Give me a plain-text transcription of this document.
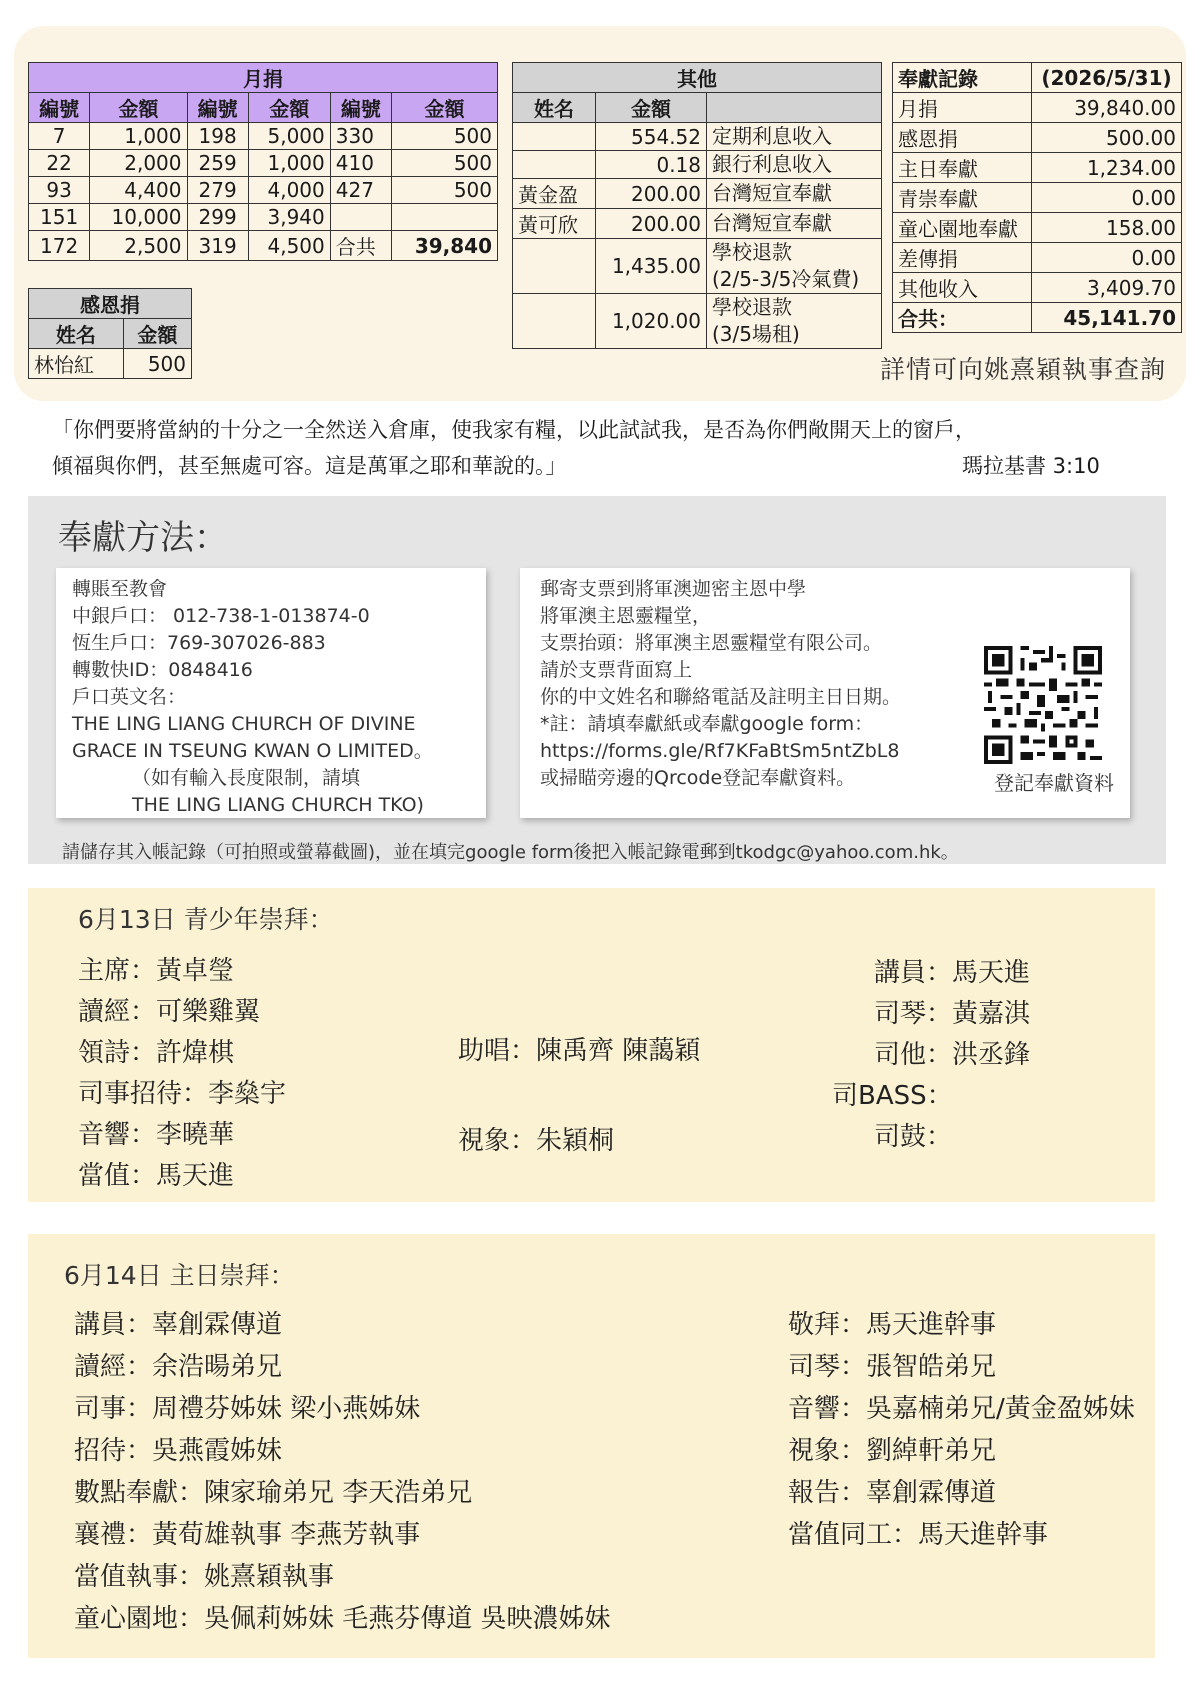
月捐					
編號	金額	編號	金額	編號	金額
7	1,000	198	5,000	330	500
22	2,000	259	1,000	410	500
93	4,400	279	4,000	427	500
151	10,000	299	3,940		
172	2,500	319	4,500	合共	39,840
感恩捐	
姓名	金額
林怡紅	500
其他		
姓名	金額	
	554.52	定期利息收入
	0.18	銀行利息收入
黃金盈	200.00	台灣短宣奉獻
黃可欣	200.00	台灣短宣奉獻
	1,435.00	學校退款
(2/5-3/5冷氣費)

	1,020.00	學校退款
(3/5場租)
奉獻記錄	(2026/5/31)
月捐	39,840.00
感恩捐	500.00
主日奉獻	1,234.00
青崇奉獻	0.00
童心園地奉獻	158.00
差傳捐	0.00
其他收入	3,409.70
合共：	45,141.70
詳情可向姚熹穎執事查詢
「你們要將當納的十分之一全然送入倉庫，使我家有糧，以此試試我，是否為你們敞開天上的窗戶，
傾福與你們，甚至無處可容。這是萬軍之耶和華說的。」	瑪拉基書 3:10
奉獻方法：
轉賬至教會
中銀戶口： 012-738-1-013874-0
恆生戶口：769-307026-883
轉數快ID：0848416
戶口英文名：
THE LING LIANG CHURCH OF DIVINE
GRACE IN TSEUNG KWAN O LIMITED。
（如有輸入長度限制，請填
THE LING LIANG CHURCH TKO)
郵寄支票到將軍澳迦密主恩中學
將軍澳主恩靈糧堂，
支票抬頭：將軍澳主恩靈糧堂有限公司。
請於支票背面寫上
你的中文姓名和聯絡電話及註明主日日期。
*註：請填奉獻紙或奉獻google form：
https://forms.gle/Rf7KFaBtSm5ntZbL8
或掃瞄旁邊的Qrcode登記奉獻資料。	登記奉獻資料
請儲存其入帳記錄（可拍照或螢幕截圖)，並在填完google form後把入帳記錄電郵到tkodgc@yahoo.com.hk。
6月13日 青少年崇拜：
主席：黃卓瑩
讀經：可樂雞翼
領詩：許煒棋
司事招待：李燊宇
音響：李曉華
當值：馬天進
助唱：陳禹齊 陳藹穎
視象：朱穎桐
講員：馬天進
司琴：黃嘉淇
司他：洪丞鋒
司BASS：
司鼓：
6月14日 主日崇拜：
講員：辜創霖傳道
讀經：余浩暘弟兄
司事：周禮芬姊妹 梁小燕姊妹
招待：吳燕霞姊妹
數點奉獻：陳家瑜弟兄 李天浩弟兄
襄禮：黃荀雄執事 李燕芳執事
當值執事：姚熹穎執事
童心園地：吳佩莉姊妹 毛燕芬傳道 吳映濃姊妹
敬拜：馬天進幹事
司琴：張智皓弟兄
音響：吳嘉楠弟兄/黃金盈姊妹
視象：劉綽軒弟兄
報告：辜創霖傳道
當值同工：馬天進幹事
